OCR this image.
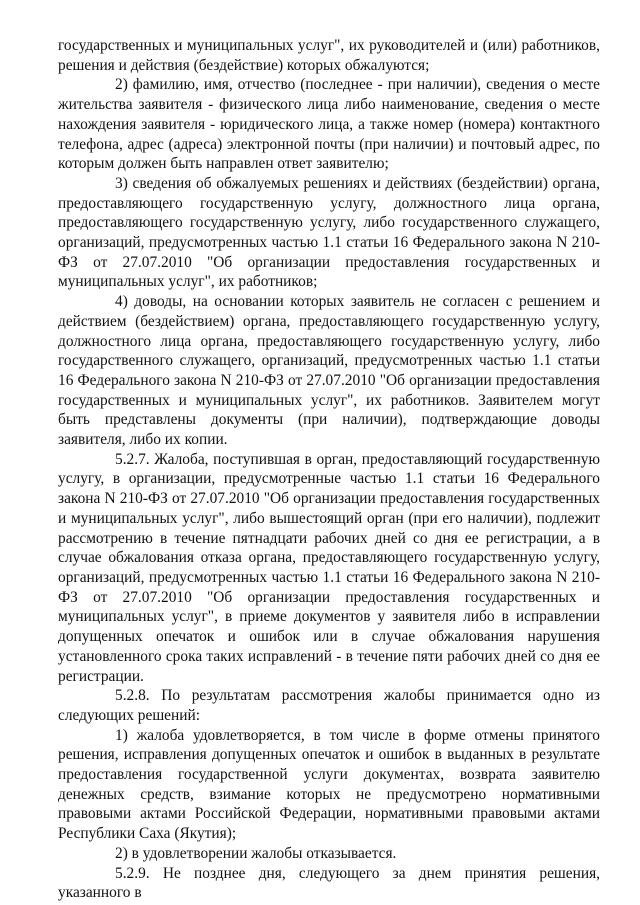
государственных и муниципальных услуг", их руководителей и (или) работников, решения и действия (бездействие) которых обжалуются;

2) фамилию, имя, отчество (последнее - при наличии), сведения о месте жительства заявителя - физического лица либо наименование, сведения о месте нахождения заявителя - юридического лица, а также номер (номера) контактного телефона, адрес (адреса) электронной почты (при наличии) и почтовый адрес, по которым должен быть направлен ответ заявителю;

3) сведения об обжалуемых решениях и действиях (бездействии) органа, предоставляющего государственную услугу, должностного лица органа, предоставляющего государственную услугу, либо государственного служащего, организаций, предусмотренных частью 1.1 статьи 16 Федерального закона N 210-ФЗ от 27.07.2010 "Об организации предоставления государственных и муниципальных услуг", их работников;

4) доводы, на основании которых заявитель не согласен с решением и действием (бездействием) органа, предоставляющего государственную услугу, должностного лица органа, предоставляющего государственную услугу, либо государственного служащего, организаций, предусмотренных частью 1.1 статьи 16 Федерального закона N 210-ФЗ от 27.07.2010 "Об организации предоставления государственных и муниципальных услуг", их работников. Заявителем могут быть представлены документы (при наличии), подтверждающие доводы заявителя, либо их копии.

5.2.7. Жалоба, поступившая в орган, предоставляющий государственную услугу, в организации, предусмотренные частью 1.1 статьи 16 Федерального закона N 210-ФЗ от 27.07.2010 "Об организации предоставления государственных и муниципальных услуг", либо вышестоящий орган (при его наличии), подлежит рассмотрению в течение пятнадцати рабочих дней со дня ее регистрации, а в случае обжалования отказа органа, предоставляющего государственную услугу, организаций, предусмотренных частью 1.1 статьи 16 Федерального закона N 210-ФЗ от 27.07.2010 "Об организации предоставления государственных и муниципальных услуг", в приеме документов у заявителя либо в исправлении допущенных опечаток и ошибок или в случае обжалования нарушения установленного срока таких исправлений - в течение пяти рабочих дней со дня ее регистрации.

5.2.8. По результатам рассмотрения жалобы принимается одно из следующих решений:

1) жалоба удовлетворяется, в том числе в форме отмены принятого решения, исправления допущенных опечаток и ошибок в выданных в результате предоставления государственной услуги документах, возврата заявителю денежных средств, взимание которых не предусмотрено нормативными правовыми актами Российской Федерации, нормативными правовыми актами Республики Саха (Якутия);

2) в удовлетворении жалобы отказывается.

5.2.9. Не позднее дня, следующего за днем принятия решения, указанного в
